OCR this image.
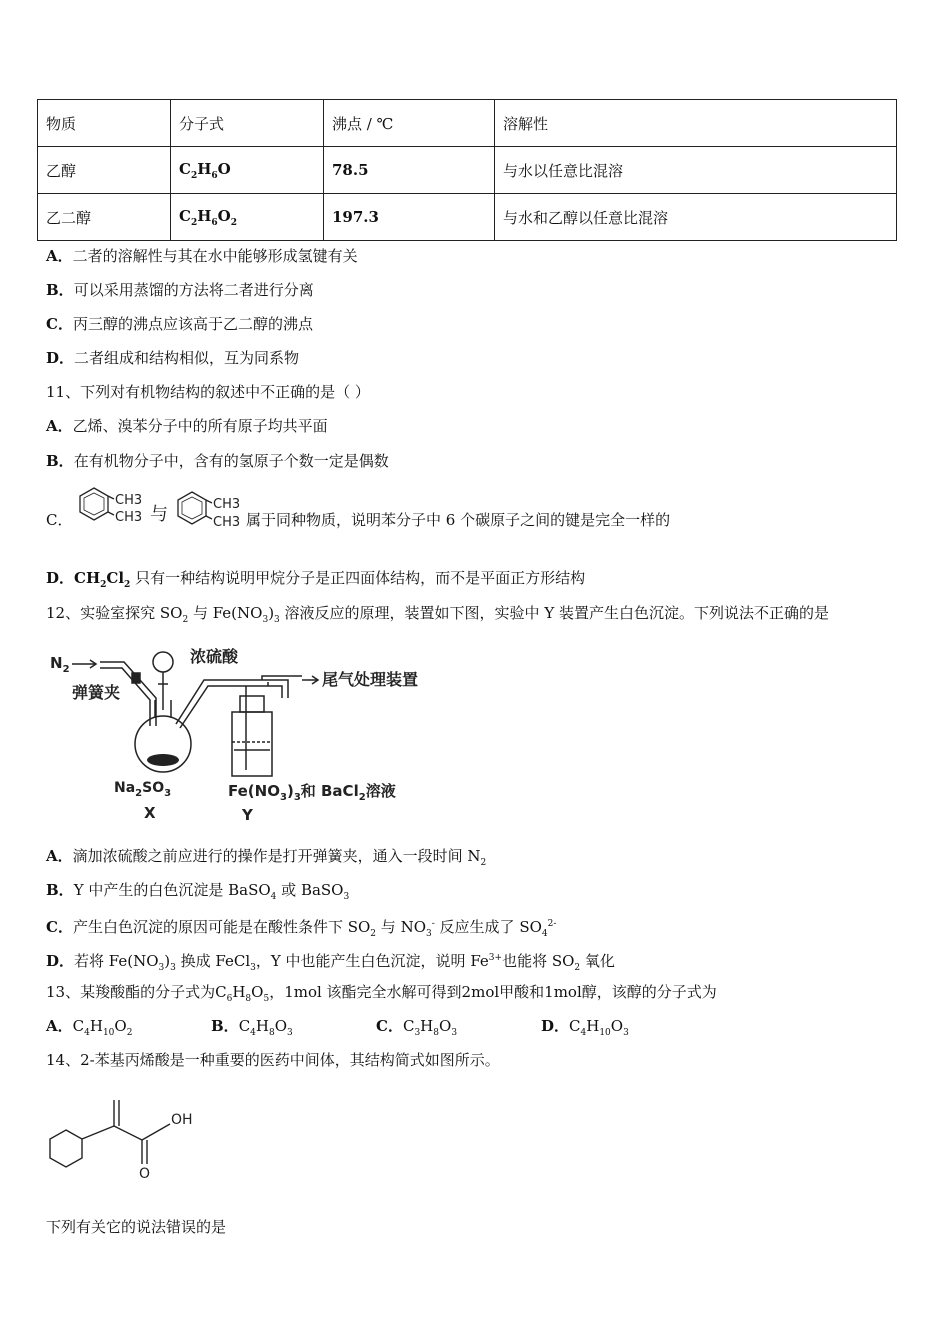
物质	分子式	沸点 / ℃	溶解性
乙醇	$C_2H_6O$	78.5	与水以任意比混溶
乙二醇	$C_2H_6O_2$	197.3	与水和乙醇以任意比混溶
A．二者的溶解性与其在水中能够形成氢键有关
B．可以采用蒸馏的方法将二者进行分离
C．丙三醇的沸点应该高于乙二醇的沸点
D．二者组成和结构相似，互为同系物
11、下列对有机物结构的叙述中不正确的是（ ）
A．乙烯、溴苯分子中的所有原子均共平面
B．在有机物分子中，含有的氢原子个数一定是偶数
C．
CH3
CH3 与	CH3
CH3 属于同种物质，说明苯分子中 6 个碳原子之间的键是完全一样的
D．$CH_2Cl_2$ 只有一种结构说明甲烷分子是正四面体结构，而不是平面正方形结构
12、实验室探究 $SO_2$ 与 $Fe(NO_3)_3$ 溶液反应的原理，装置如下图，实验中 Y 装置产生白色沉淀。下列说法不正确的是
$N_2$
弹簧夹
浓硫酸
尾气处理装置
$Na_2SO_3$
X
$Fe(NO_3)_3$和 BaCl$_2$溶液
Y
A．滴加浓硫酸之前应进行的操作是打开弹簧夹，通入一段时间 $N_2$
B．Y 中产生的白色沉淀是 BaSO$_4$ 或 BaSO$_3$
C．产生白色沉淀的原因可能是在酸性条件下 $SO_2$ 与 $NO_3^-$ 反应生成了 $SO_4^{2-}$
D．若将 $Fe(NO_3)_3$ 换成 FeCl$_3$，Y 中也能产生白色沉淀，说明 $Fe^{3+}$也能将 $SO_2$ 氧化
13、某羧酸酯的分子式为$C_6H_8O_5$，1mol 该酯完全水解可得到2mol甲酸和1mol醇，该醇的分子式为
A．$C_4H_{10}O_2$	B．$C_4H_8O_3$	C．$C_3H_8O_3$	D．$C_4H_{10}O_3$
14、2-苯基丙烯酸是一种重要的医药中间体，其结构简式如图所示。
OH
O
下列有关它的说法错误的是
